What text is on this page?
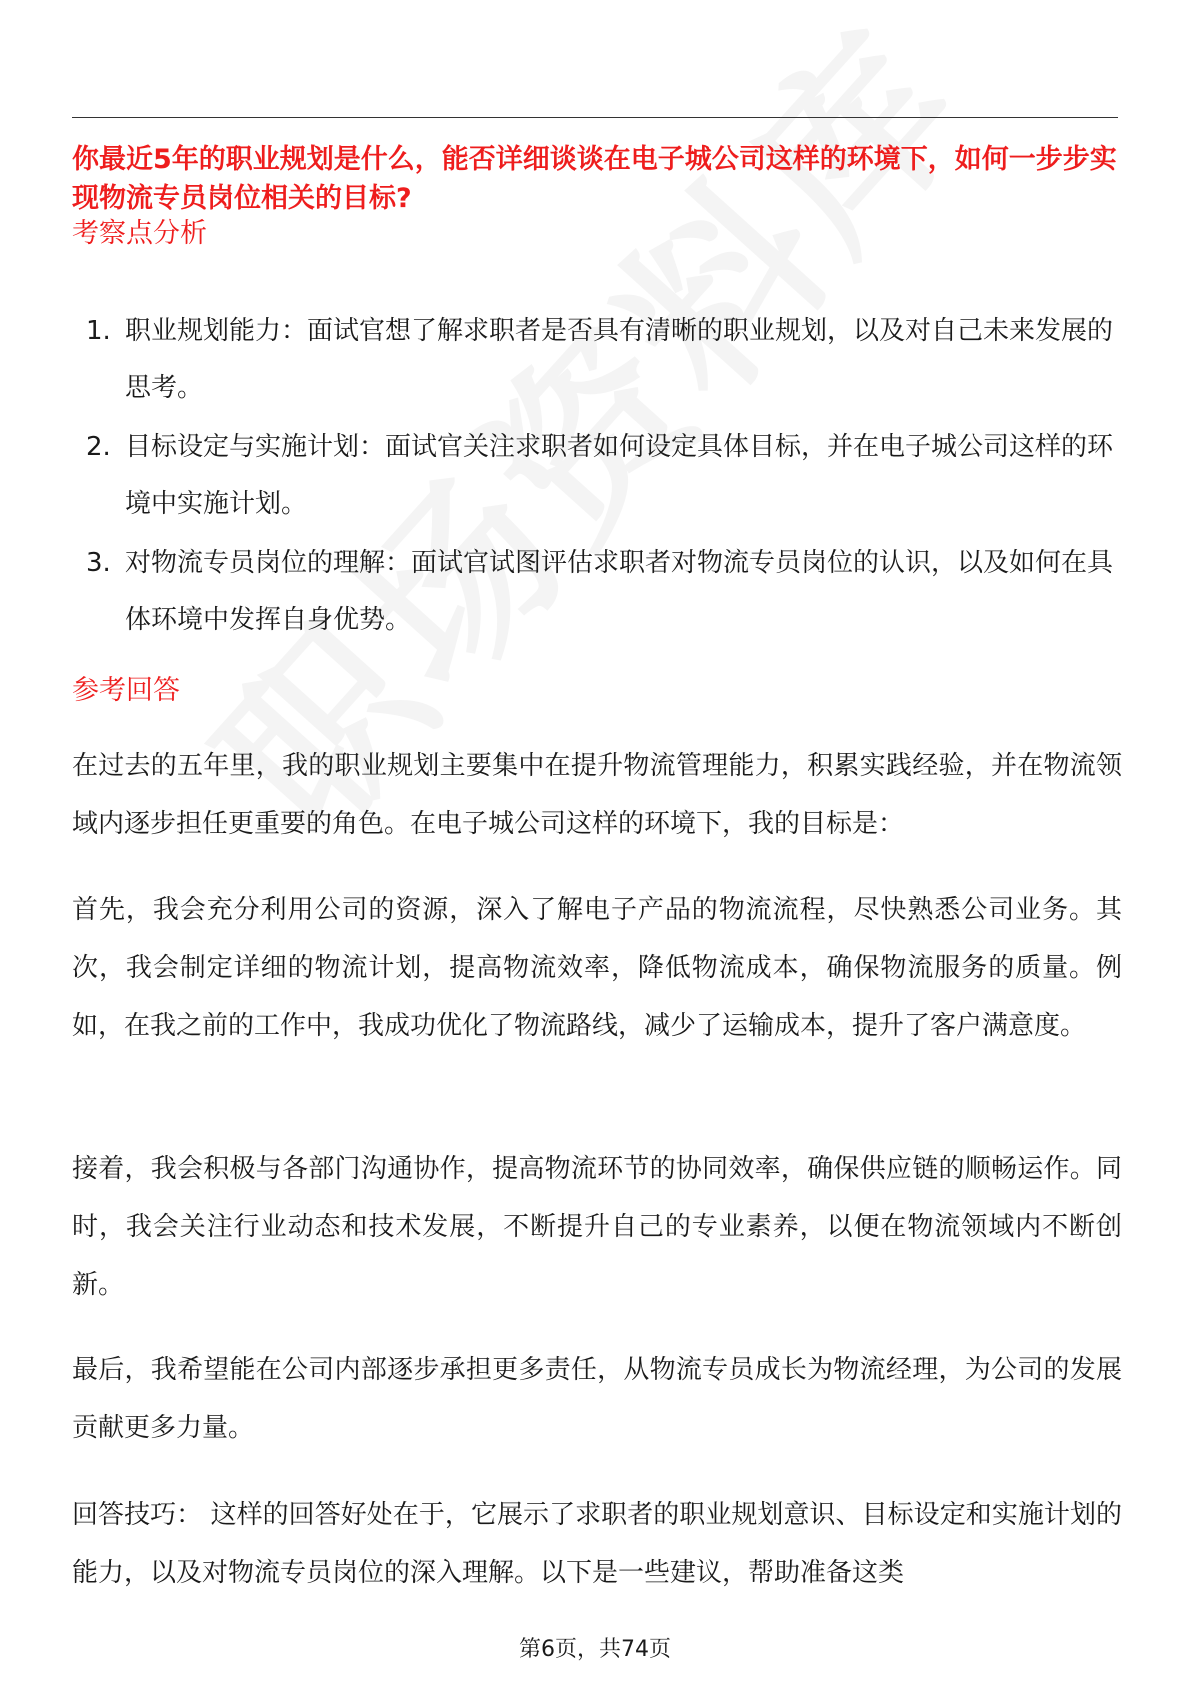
你最近5年的职业规划是什么，能否详细谈谈在电子城公司这样的环境下，如何一步步实现物流专员岗位相关的目标?
考察点分析
1. 职业规划能力：面试官想了解求职者是否具有清晰的职业规划，以及对自己未来发展的思考。
2. 目标设定与实施计划：面试官关注求职者如何设定具体目标，并在电子城公司这样的环境中实施计划。
3. 对物流专员岗位的理解：面试官试图评估求职者对物流专员岗位的认识，以及如何在具体环境中发挥自身优势。
参考回答

在过去的五年里，我的职业规划主要集中在提升物流管理能力，积累实践经验，并在物流领域内逐步担任更重要的角色。在电子城公司这样的环境下，我的目标是：

首先，我会充分利用公司的资源，深入了解电子产品的物流流程，尽快熟悉公司业务。其次，我会制定详细的物流计划，提高物流效率，降低物流成本，确保物流服务的质量。例如，在我之前的工作中，我成功优化了物流路线，减少了运输成本，提升了客户满意度。

接着，我会积极与各部门沟通协作，提高物流环节的协同效率，确保供应链的顺畅运作。同时，我会关注行业动态和技术发展，不断提升自己的专业素养，以便在物流领域内不断创新。

最后，我希望能在公司内部逐步承担更多责任，从物流专员成长为物流经理，为公司的发展贡献更多力量。

回答技巧： 这样的回答好处在于，它展示了求职者的职业规划意识、目标设定和实施计划的能力，以及对物流专员岗位的深入理解。以下是一些建议，帮助准备这类

第6页，共74页
